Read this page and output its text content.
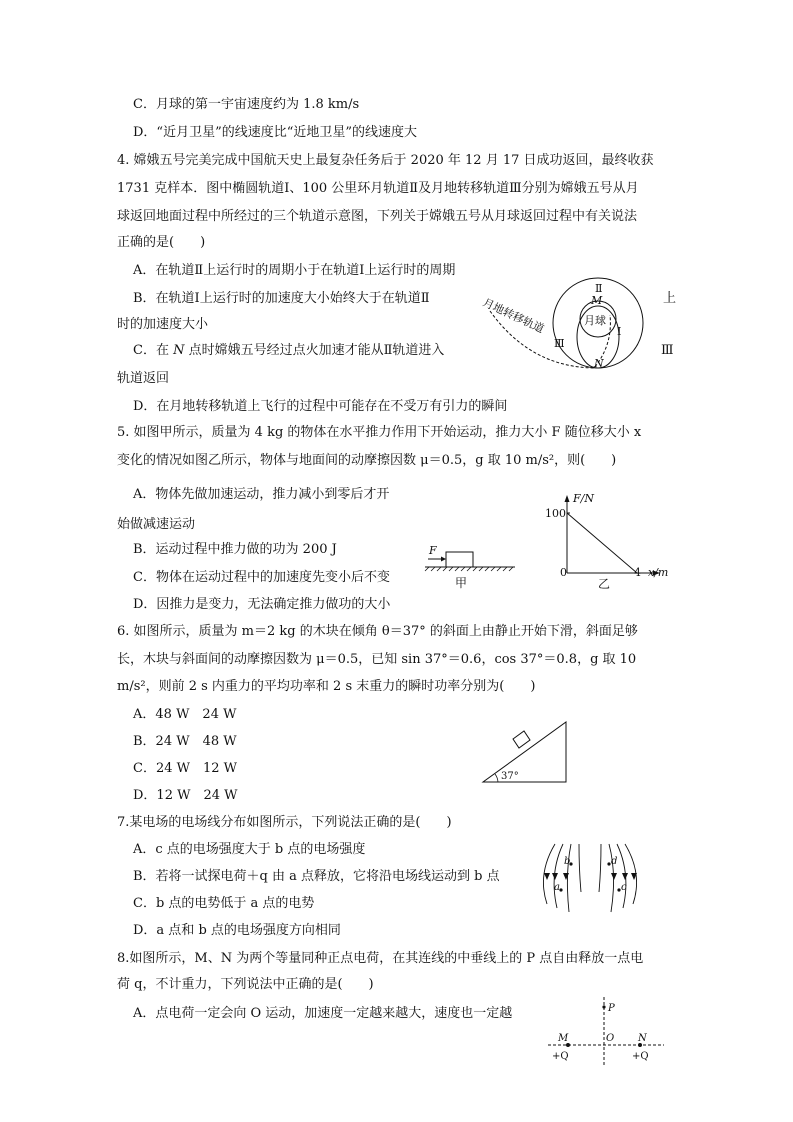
C．月球的第一宇宙速度约为 1.8 km/s
D．“近月卫星”的线速度比“近地卫星”的线速度大
4. 嫦娥五号完美完成中国航天史上最复杂任务后于 2020 年 12 月 17 日成功返回，最终收获
1731 克样本．图中椭圆轨道Ⅰ、100 公里环月轨道Ⅱ及月地转移轨道Ⅲ分别为嫦娥五号从月
球返回地面过程中所经过的三个轨道示意图，下列关于嫦娥五号从月球返回过程中有关说法
正确的是(　　)
A．在轨道Ⅱ上运行时的周期小于在轨道Ⅰ上运行时的周期
B．在轨道Ⅰ上运行时的加速度大小始终大于在轨道Ⅱ	上
时的加速度大小
C．在 N 点时嫦娥五号经过点火加速才能从Ⅱ轨道进入	Ⅲ
轨道返回
D．在月地转移轨道上飞行的过程中可能存在不受万有引力的瞬间
Ⅱ
M
月球
Ⅰ
Ⅲ
N
月地转移轨道
5. 如图甲所示，质量为 4 kg 的物体在水平推力作用下开始运动，推力大小 F 随位移大小 x
变化的情况如图乙所示，物体与地面间的动摩擦因数 μ＝0.5，g 取 10 m/s²，则(　　)
A．物体先做加速运动，推力减小到零后才开
始做减速运动
B．运动过程中推力做的功为 200 J
C．物体在运动过程中的加速度先变小后不变
D．因推力是变力，无法确定推力做功的大小
F
甲
F/N
100
0	4 x/m
乙
6. 如图所示，质量为 m＝2 kg 的木块在倾角 θ＝37° 的斜面上由静止开始下滑，斜面足够
长，木块与斜面间的动摩擦因数为 μ＝0.5，已知 sin 37°＝0.6，cos 37°＝0.8，g 取 10
m/s²，则前 2 s 内重力的平均功率和 2 s 末重力的瞬时功率分别为(　　)
A．48 W　24 W
B．24 W　48 W
C．24 W　12 W
D．12 W　24 W
37°
7.某电场的电场线分布如图所示，下列说法正确的是(　　)
A．c 点的电场强度大于 b 点的电场强度
B．若将一试探电荷＋q 由 a 点释放，它将沿电场线运动到 b 点
C．b 点的电势低于 a 点的电势
D．a 点和 b 点的电场强度方向相同
b
a
d
c
8.如图所示，M、N 为两个等量同种正点电荷，在其连线的中垂线上的 P 点自由释放一点电
荷 q，不计重力，下列说法中正确的是(　　)
A．点电荷一定会向 O 运动，加速度一定越来越大，速度也一定越	P
M	O N
+Q	+Q
